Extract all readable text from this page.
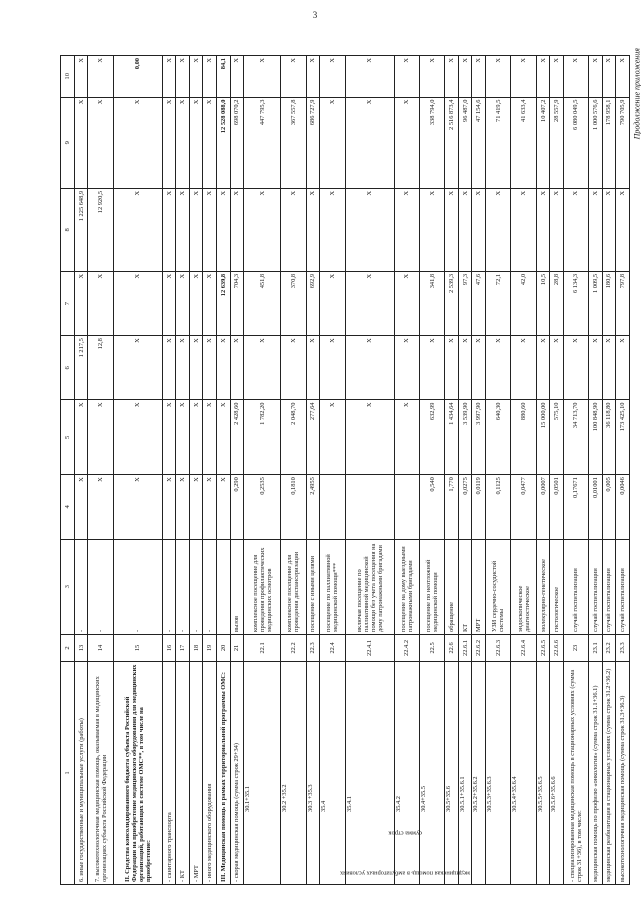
3
Продолжение приложения
1	2	3	4	5	6	7	8	9	10
6. иные государственные и муниципальные услуги (работы)	13	-	X	X	1 217,5	X	1 225 648,9	X	X
7. высокотехнологичная медицинская помощь, оказываемая в медицинских организациях субъекта Российской Федерации	14	-	X	X	12,8	X	12 920,5	X	X
II. Средства консолидированного бюджета субъекта Российской Федерации на приобретение медицинского оборудования для медицинских организаций, работающих в системе ОМС**, в том числе на приобретение:	15	-	X	X	X	X	X	X	0,00
- санитарного транспорта	16	-	X	X	X	X	X	X	X
- КТ	17	-	X	X	X	X	X	X	X
- МРТ	18	-	X	X	X	X	X	X	X
- иного медицинского оборудования	19	-	X	X	X	X	X	X	X
III. Медицинская помощь в рамках территориальной программы ОМС:	20		X	X	X	12 639,8	X	12 528 088,0	84,1
- скорая медицинская помощь (сумма строк 29+34)	21	вызов	0,290	2 428,60	X	704,3	X	698 070,2	X

30.1+35.1	22.1	комплексное посещение для проведения профилактических медицинских осмотров	0,2535	1 782,20	X	451,8	X	447 795,3	X

30.2 +35.2	22.2	комплексное посещение для проведения диспансеризации	0,1810	2 048,70	X	370,8	X	367 557,8	X

30.3 +35.3	22.3	посещение с иными целями	2,4955	277,64	X	692,9	X	686 727,9	X

35.4	22.4	посещение по паллиативной медицинской помощи***		X	X	X	X	X	X

35.4.1	22.4.1	включая посещение по паллиативной медицинской помощи без учета посещения на дому патронажными бригадами		X	X	X	X	X	X

35.4.2	22.4.2	посещение на дому выездными патронажными бригадами		X	X	X	X	X	X

30.4+35.5	22.5	посещение по неотложной медицинской помощи	0,540	632,99	X	341,8	X	338 794,0	X

30.5+35.6	22.6	обращение	1,770	1 434,64	X	2 539,3	X	2 516 873,4	X

30.5.1+35.6.1	22.6.1	КТ	0,0275	3 539,90	X	97,3	X	96 487,0	X

30.5.2+35.6.2	22.6.2	МРТ	0,0119	3 997,90	X	47,6	X	47 154,6	X

30.5.3+35.6.3	22.6.3	УЗИ сердечно-сосудистой системы	0,1125	640,30	X	72,1	X	71 419,5	X

30.5.4+35.6.4	22.6.4	эндоскопическое диагностическое	0,0477	880,60	X	42,0	X	41 633,4	X

30.5.5+35.6.5	22.6.5	молекулярно-генетическое	0,0007	15 000,00	X	10,5	X	10 407,2	X

30.5.6+35.6.6	22.6.6	гистологическое	0,0501	575,10	X	28,8	X	28 557,9	X
- специализированная медицинская помощь в стационарных условиях (сумма строк 31+36), в том числе:	23	случай госпитализации	0,17671	34 713,70	X	6 134,3	X	6 080 049,5	X
медицинская помощь по профилю «онкология» (сумма строк 31.1+36.1)	23.1	случай госпитализации	0,01001	100 848,90	X	1 009,5	X	1 000 576,6	X
медицинская реабилитация в стационарных условиях (сумма строк 31.2+36.2)	23.2	случай госпитализации	0,005	36 118,80	X	180,6	X	178 958,1	X
высокотехнологичная медицинская помощь (сумма строк 31.3+36.3)	23.3	случай госпитализации	0,0046	173 425,10	X	797,8	X	790 705,9	X
медицинская помощь в амбулаторных условиях
сумма строк
